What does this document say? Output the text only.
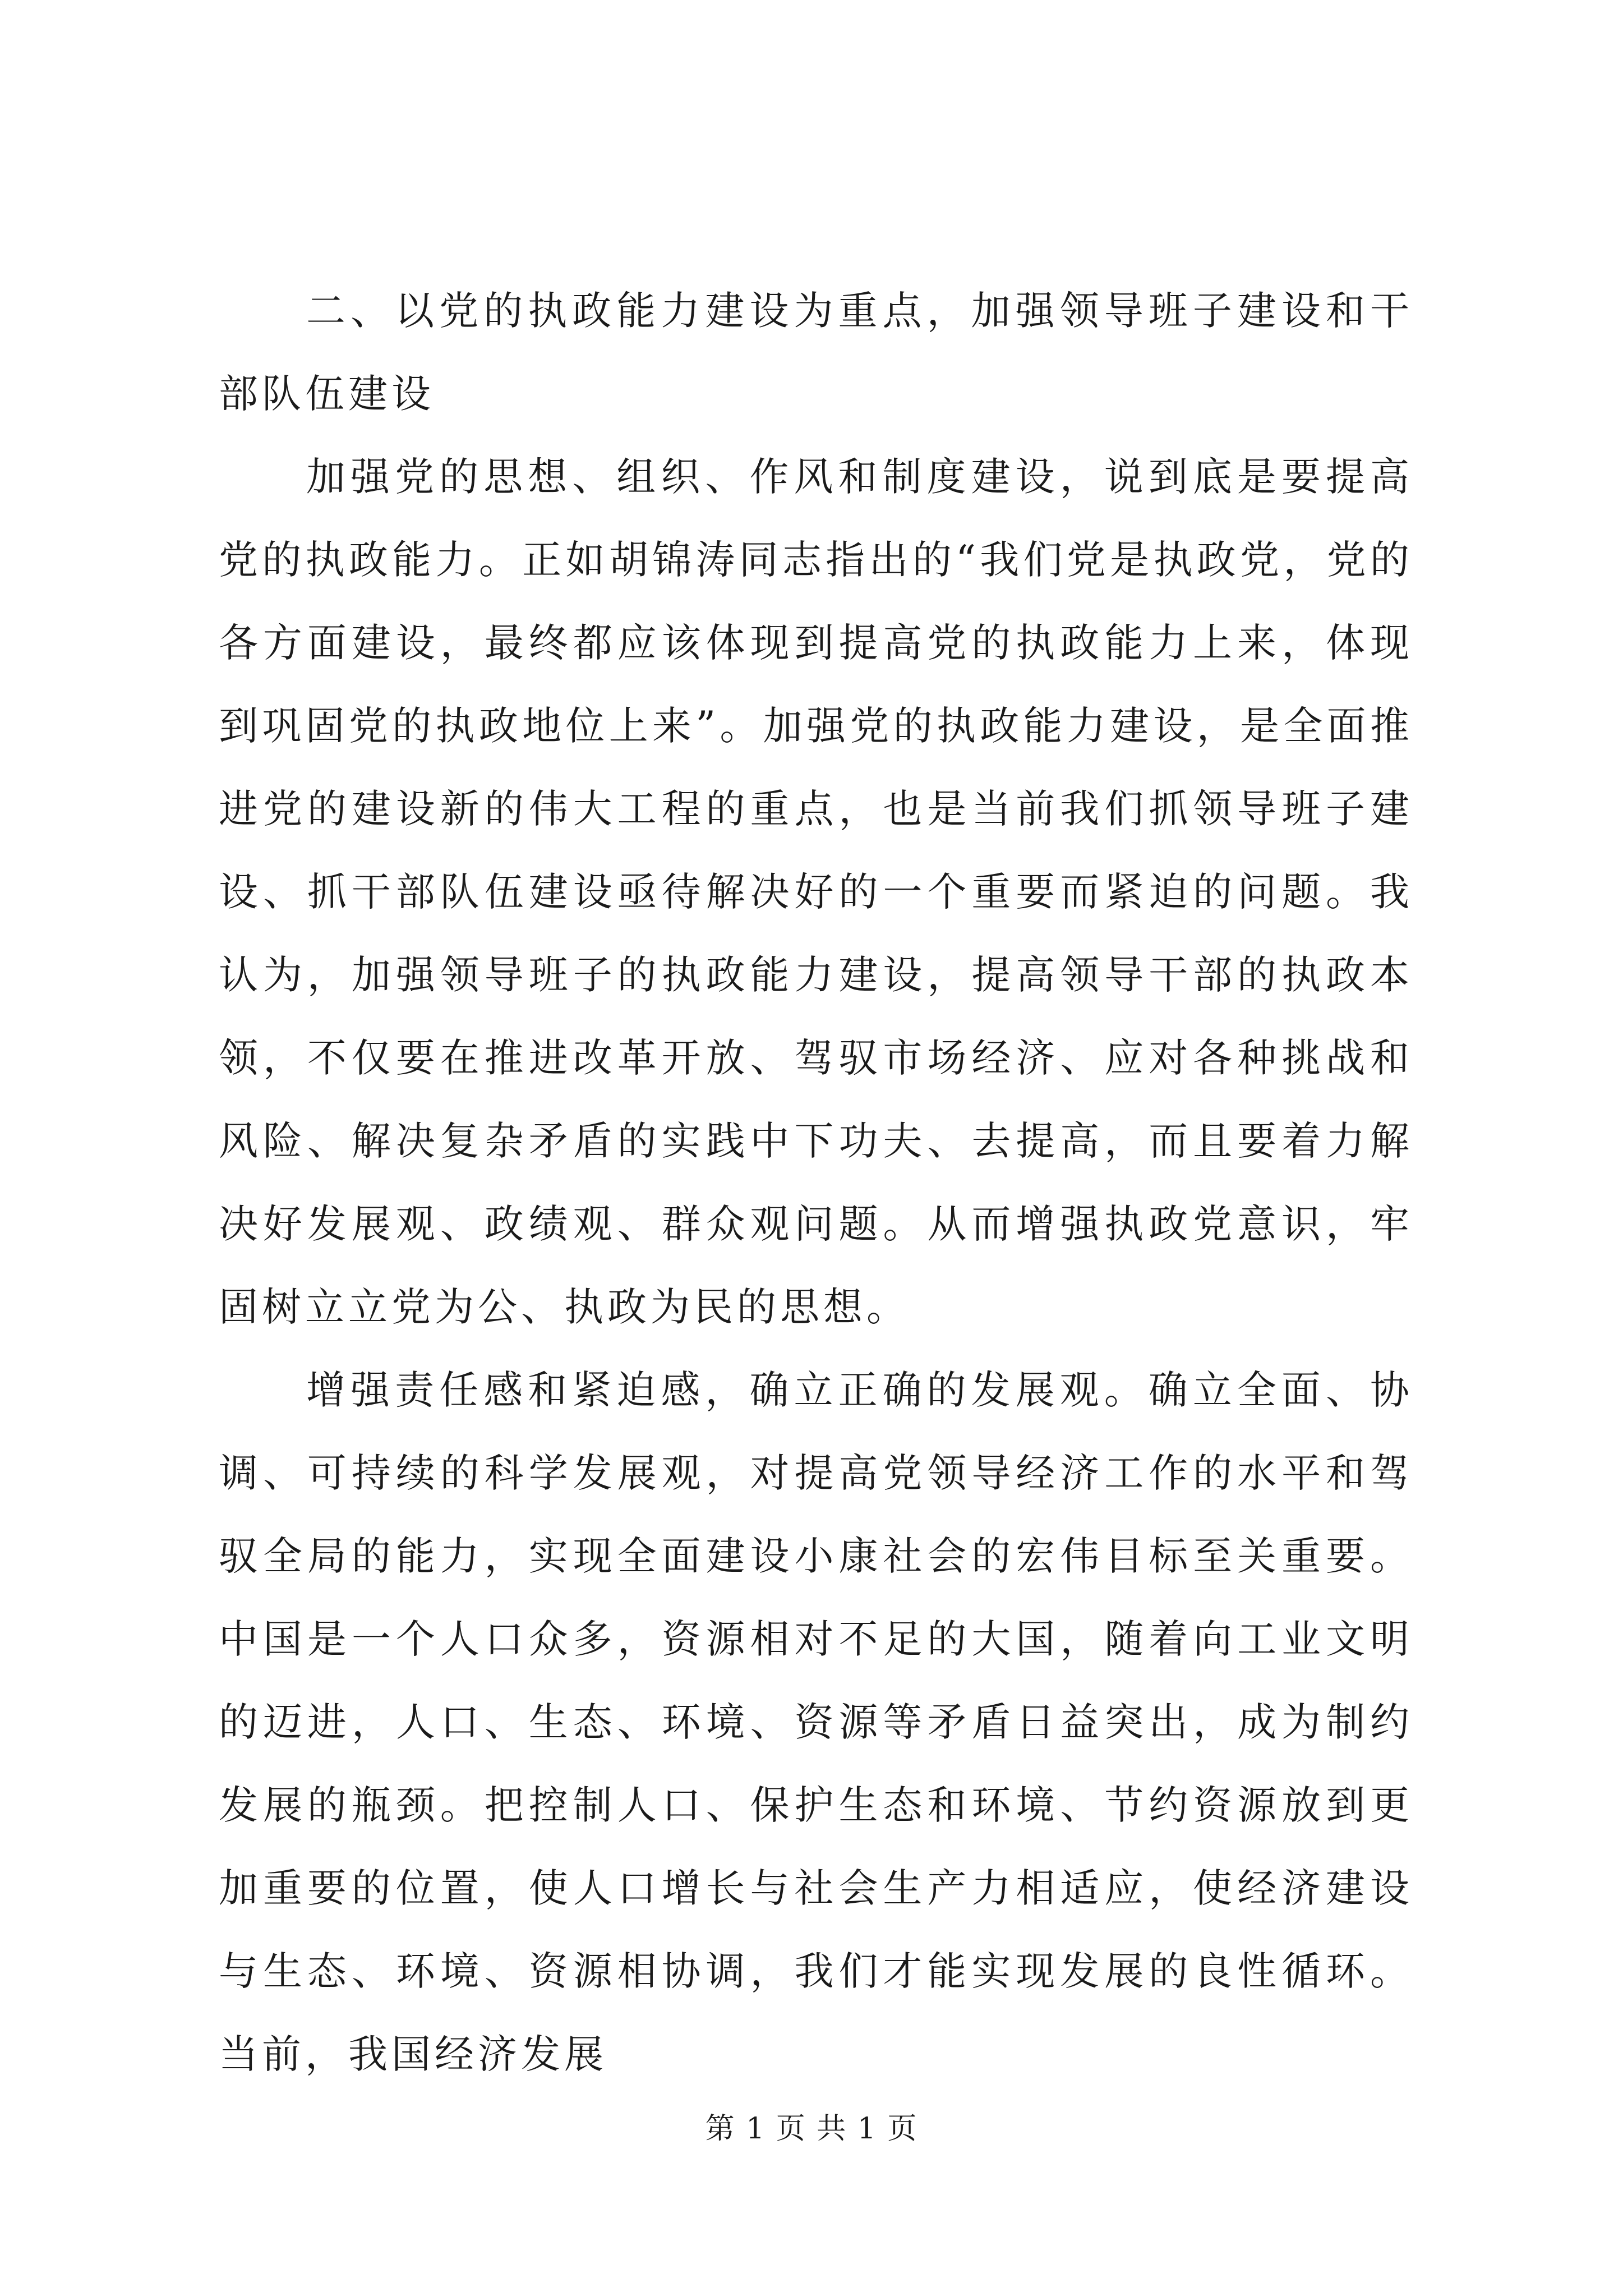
二、以党的执政能力建设为重点，加强领导班子建设和干部队伍建设

加强党的思想、组织、作风和制度建设，说到底是要提高党的执政能力。正如胡锦涛同志指出的“我们党是执政党，党的各方面建设，最终都应该体现到提高党的执政能力上来，体现到巩固党的执政地位上来”。加强党的执政能力建设，是全面推进党的建设新的伟大工程的重点，也是当前我们抓领导班子建设、抓干部队伍建设亟待解决好的一个重要而紧迫的问题。我认为，加强领导班子的执政能力建设，提高领导干部的执政本领，不仅要在推进改革开放、驾驭市场经济、应对各种挑战和风险、解决复杂矛盾的实践中下功夫、去提高，而且要着力解决好发展观、政绩观、群众观问题。从而增强执政党意识，牢固树立立党为公、执政为民的思想。

增强责任感和紧迫感，确立正确的发展观。确立全面、协调、可持续的科学发展观，对提高党领导经济工作的水平和驾驭全局的能力，实现全面建设小康社会的宏伟目标至关重要。中国是一个人口众多，资源相对不足的大国，随着向工业文明的迈进，人口、生态、环境、资源等矛盾日益突出，成为制约发展的瓶颈。把控制人口、保护生态和环境、节约资源放到更加重要的位置，使人口增长与社会生产力相适应，使经济建设与生态、环境、资源相协调，我们才能实现发展的良性循环。当前，我国经济发展

第 1 页 共 1 页
